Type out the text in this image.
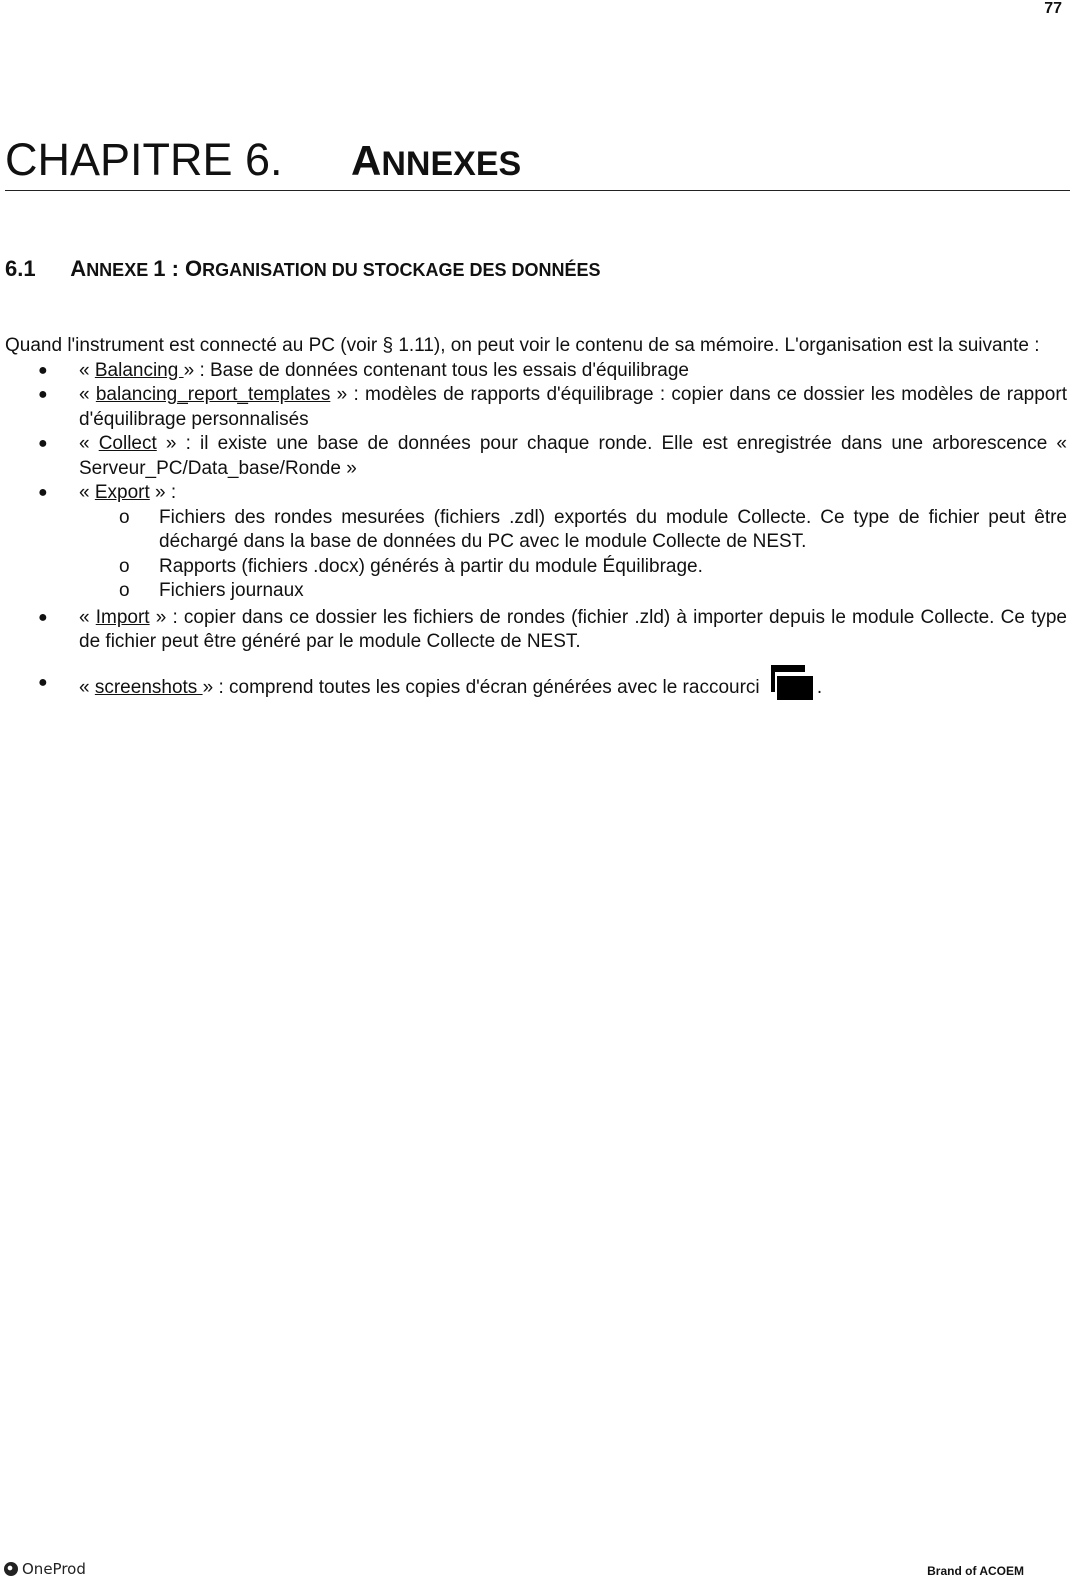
77
CHAPITRE 6. ANNEXES
6.1 ANNEXE 1 : ORGANISATION DU STOCKAGE DES DONNÉES

Quand l'instrument est connecté au PC (voir § 1.11), on peut voir le contenu de sa mémoire. L'organisation est la suivante :

● « Balancing » : Base de données contenant tous les essais d'équilibrage
● « balancing_report_templates » : modèles de rapports d'équilibrage : copier dans ce dossier les modèles de rapport d'équilibrage personnalisés
● « Collect » : il existe une base de données pour chaque ronde. Elle est enregistrée dans une arborescence « Serveur_PC/Data_base/Ronde »
● « Export » :
o Fichiers des rondes mesurées (fichiers .zdl) exportés du module Collecte. Ce type de fichier peut être déchargé dans la base de données du PC avec le module Collecte de NEST.
o Rapports (fichiers .docx) générés à partir du module Équilibrage.
o Fichiers journaux
● « Import » : copier dans ce dossier les fichiers de rondes (fichier .zld) à importer depuis le module Collecte. Ce type de fichier peut être généré par le module Collecte de NEST.
● « screenshots » : comprend toutes les copies d'écran générées avec le raccourci	.
OneProd	Brand of ACOEM
